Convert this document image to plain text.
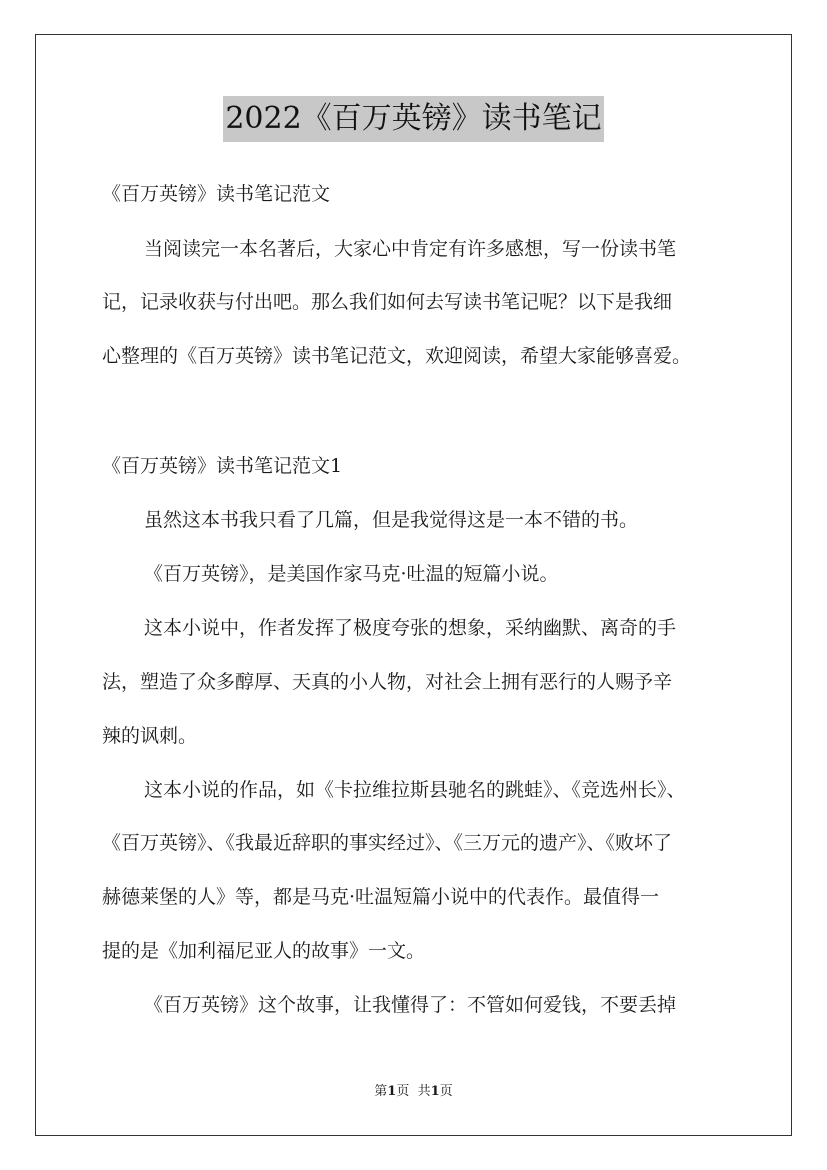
2022《百万英镑》读书笔记
《百万英镑》读书笔记范文
当阅读完一本名著后，大家心中肯定有许多感想，写一份读书笔
记，记录收获与付出吧。那么我们如何去写读书笔记呢？以下是我细
心整理的《百万英镑》读书笔记范文，欢迎阅读，希望大家能够喜爱。
《百万英镑》读书笔记范文1
虽然这本书我只看了几篇，但是我觉得这是一本不错的书。
《百万英镑》，是美国作家马克·吐温的短篇小说。
这本小说中，作者发挥了极度夸张的想象，采纳幽默、离奇的手
法，塑造了众多醇厚、天真的小人物，对社会上拥有恶行的人赐予辛
辣的讽刺。
这本小说的作品，如《卡拉维拉斯县驰名的跳蛙》、《竞选州长》、
《百万英镑》、《我最近辞职的事实经过》、《三万元的遗产》、《败坏了
赫德莱堡的人》等，都是马克·吐温短篇小说中的代表作。最值得一
提的是《加利福尼亚人的故事》一文。
《百万英镑》这个故事，让我懂得了：不管如何爱钱，不要丢掉
第1页 共1页
